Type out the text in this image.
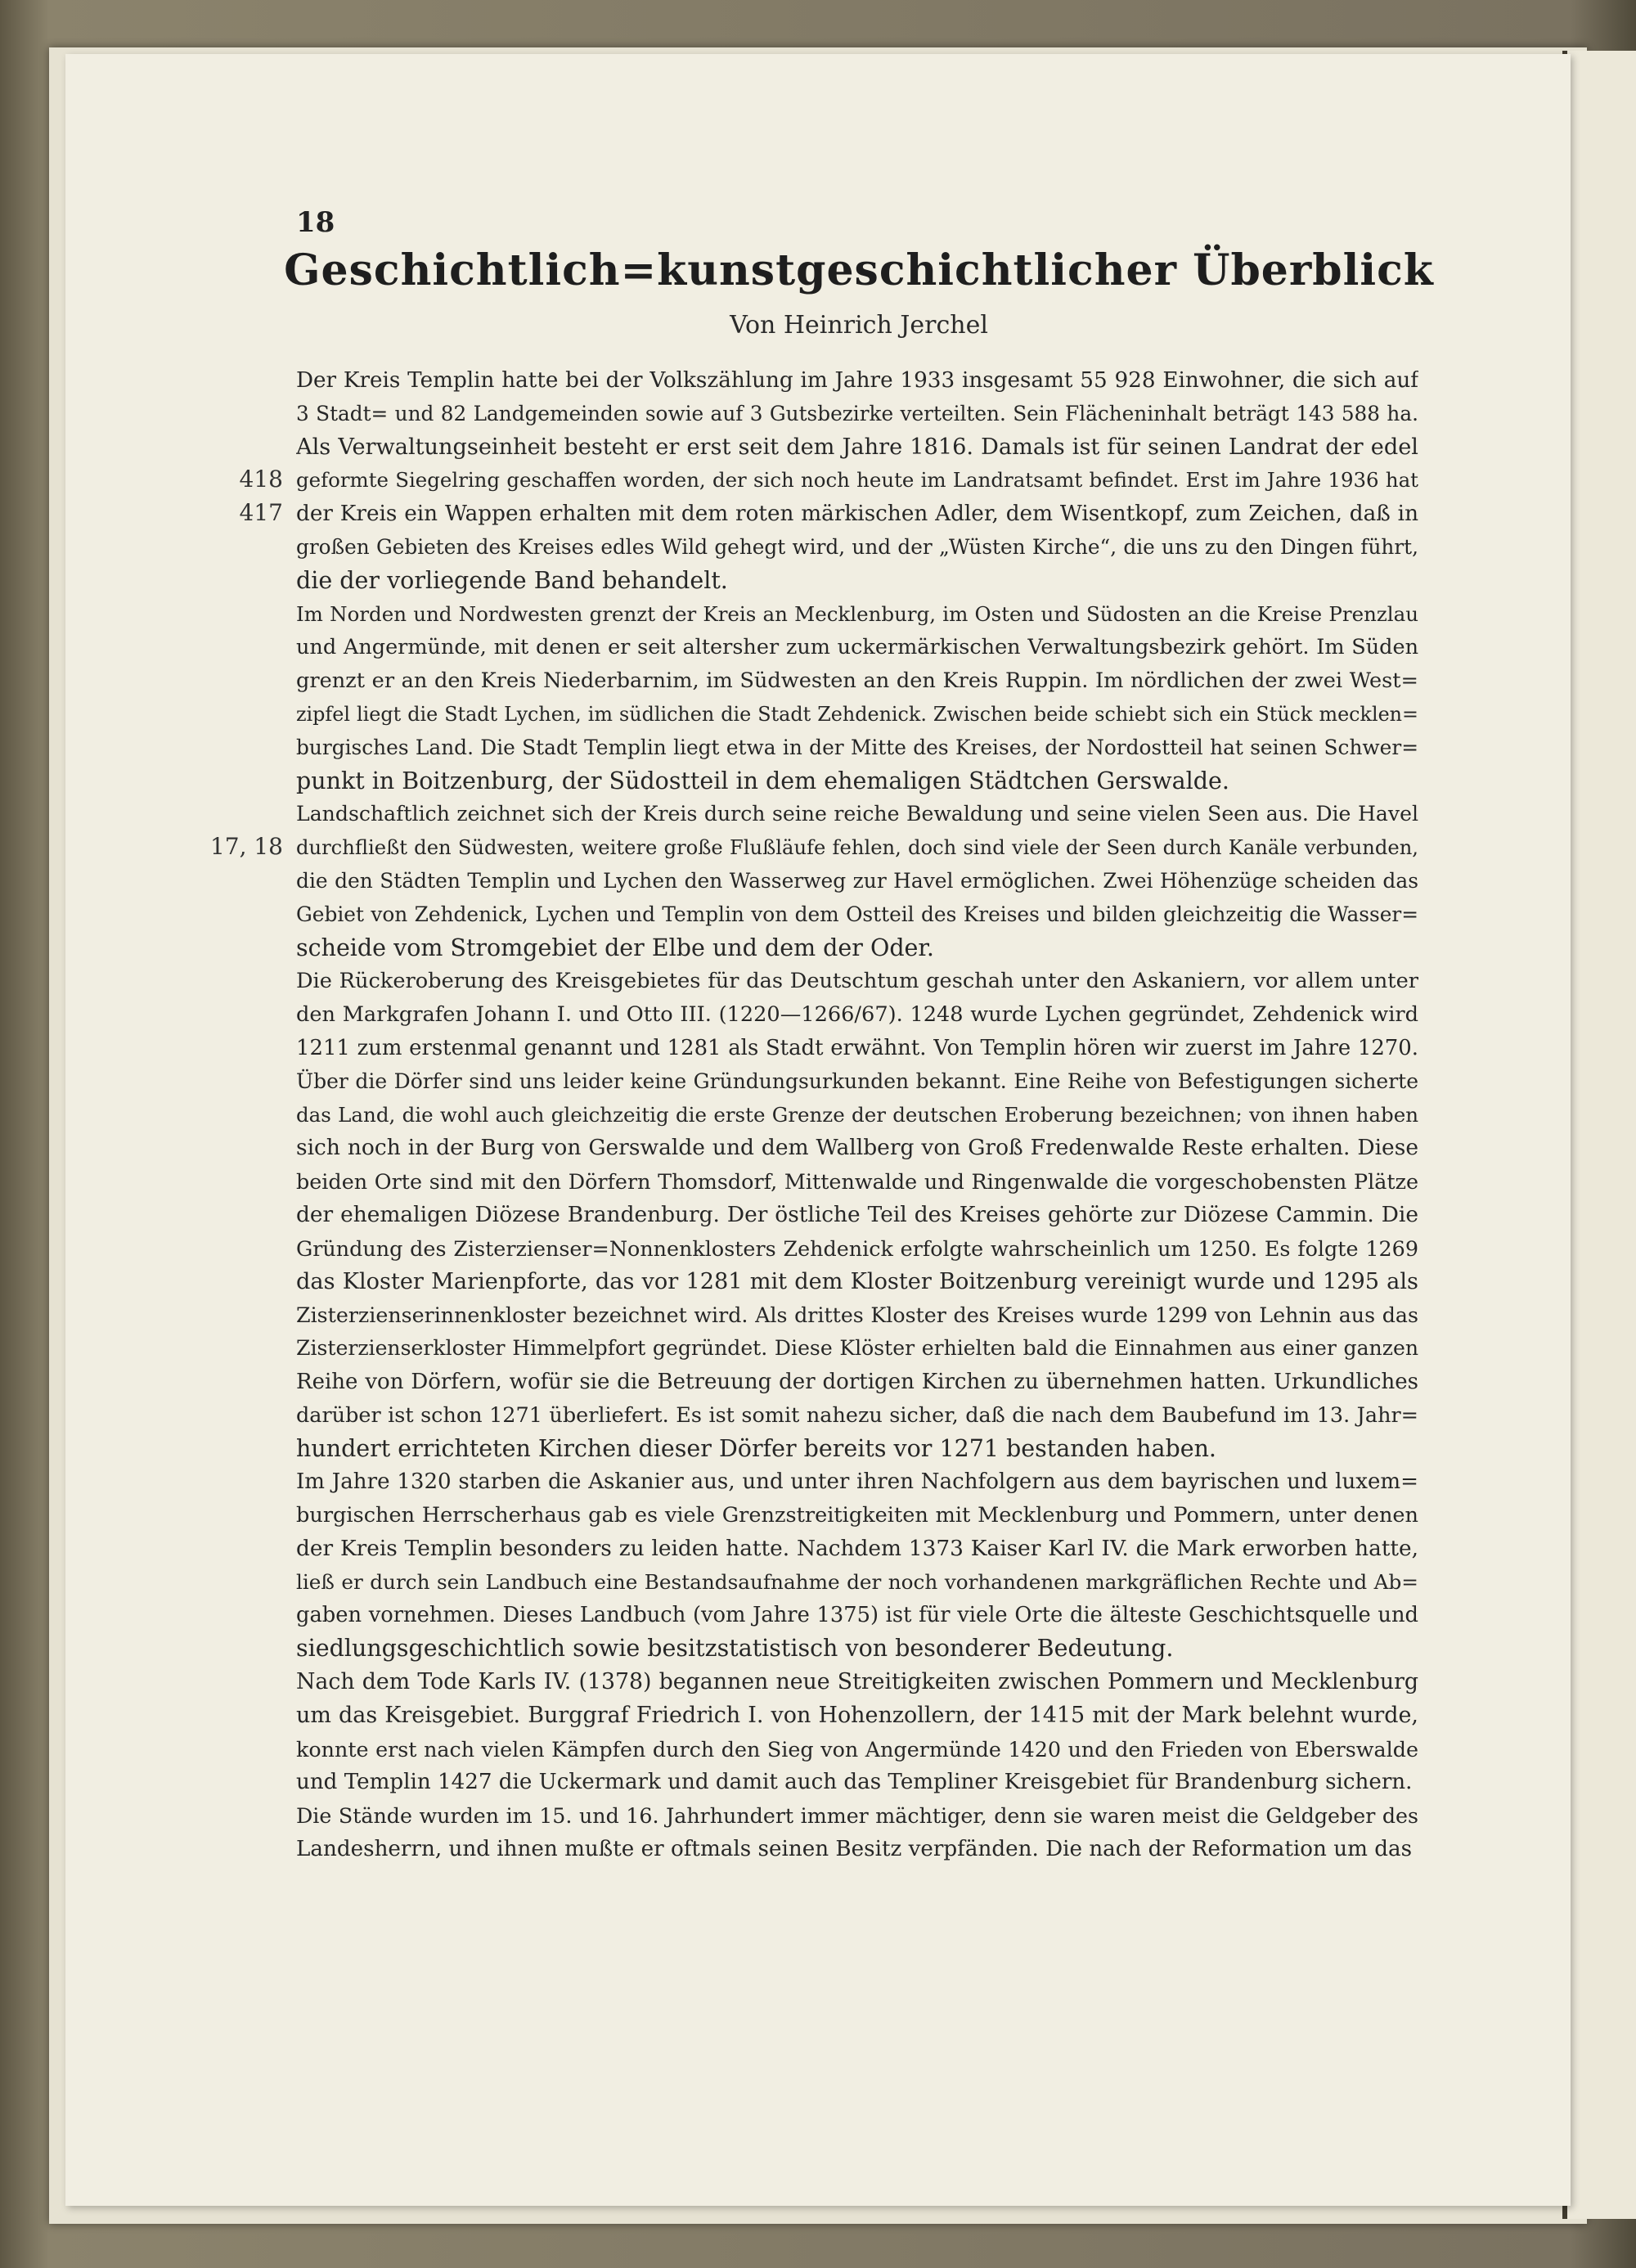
18
Geschichtlich=kunstgeschichtlicher Überblick
Von Heinrich Jerchel
Der Kreis Templin hatte bei der Volkszählung im Jahre 1933 insgesamt 55 928 Einwohner, die sich auf
3 Stadt= und 82 Landgemeinden sowie auf 3 Gutsbezirke verteilten. Sein Flächeninhalt beträgt 143 588 ha.
Als Verwaltungseinheit besteht er erst seit dem Jahre 1816. Damals ist für seinen Landrat der edel
geformte Siegelring geschaffen worden, der sich noch heute im Landratsamt befindet. Erst im Jahre 1936 hat
der Kreis ein Wappen erhalten mit dem roten märkischen Adler, dem Wisentkopf, zum Zeichen, daß in
großen Gebieten des Kreises edles Wild gehegt wird, und der „Wüsten Kirche“, die uns zu den Dingen führt,
die der vorliegende Band behandelt.
Im Norden und Nordwesten grenzt der Kreis an Mecklenburg, im Osten und Südosten an die Kreise Prenzlau
und Angermünde, mit denen er seit altersher zum uckermärkischen Verwaltungsbezirk gehört. Im Süden
grenzt er an den Kreis Niederbarnim, im Südwesten an den Kreis Ruppin. Im nördlichen der zwei West=
zipfel liegt die Stadt Lychen, im südlichen die Stadt Zehdenick. Zwischen beide schiebt sich ein Stück mecklen=
burgisches Land. Die Stadt Templin liegt etwa in der Mitte des Kreises, der Nordostteil hat seinen Schwer=
punkt in Boitzenburg, der Südostteil in dem ehemaligen Städtchen Gerswalde.
Landschaftlich zeichnet sich der Kreis durch seine reiche Bewaldung und seine vielen Seen aus. Die Havel
durchfließt den Südwesten, weitere große Flußläufe fehlen, doch sind viele der Seen durch Kanäle verbunden,
die den Städten Templin und Lychen den Wasserweg zur Havel ermöglichen. Zwei Höhenzüge scheiden das
Gebiet von Zehdenick, Lychen und Templin von dem Ostteil des Kreises und bilden gleichzeitig die Wasser=
scheide vom Stromgebiet der Elbe und dem der Oder.
Die Rückeroberung des Kreisgebietes für das Deutschtum geschah unter den Askaniern, vor allem unter
den Markgrafen Johann I. und Otto III. (1220—1266/67). 1248 wurde Lychen gegründet, Zehdenick wird
1211 zum erstenmal genannt und 1281 als Stadt erwähnt. Von Templin hören wir zuerst im Jahre 1270.
Über die Dörfer sind uns leider keine Gründungsurkunden bekannt. Eine Reihe von Befestigungen sicherte
das Land, die wohl auch gleichzeitig die erste Grenze der deutschen Eroberung bezeichnen; von ihnen haben
sich noch in der Burg von Gerswalde und dem Wallberg von Groß Fredenwalde Reste erhalten. Diese
beiden Orte sind mit den Dörfern Thomsdorf, Mittenwalde und Ringenwalde die vorgeschobensten Plätze
der ehemaligen Diözese Brandenburg. Der östliche Teil des Kreises gehörte zur Diözese Cammin. Die
Gründung des Zisterzienser=Nonnenklosters Zehdenick erfolgte wahrscheinlich um 1250. Es folgte 1269
das Kloster Marienpforte, das vor 1281 mit dem Kloster Boitzenburg vereinigt wurde und 1295 als
Zisterzienserinnenkloster bezeichnet wird. Als drittes Kloster des Kreises wurde 1299 von Lehnin aus das
Zisterzienserkloster Himmelpfort gegründet. Diese Klöster erhielten bald die Einnahmen aus einer ganzen
Reihe von Dörfern, wofür sie die Betreuung der dortigen Kirchen zu übernehmen hatten. Urkundliches
darüber ist schon 1271 überliefert. Es ist somit nahezu sicher, daß die nach dem Baubefund im 13. Jahr=
hundert errichteten Kirchen dieser Dörfer bereits vor 1271 bestanden haben.
Im Jahre 1320 starben die Askanier aus, und unter ihren Nachfolgern aus dem bayrischen und luxem=
burgischen Herrscherhaus gab es viele Grenzstreitigkeiten mit Mecklenburg und Pommern, unter denen
der Kreis Templin besonders zu leiden hatte. Nachdem 1373 Kaiser Karl IV. die Mark erworben hatte,
ließ er durch sein Landbuch eine Bestandsaufnahme der noch vorhandenen markgräflichen Rechte und Ab=
gaben vornehmen. Dieses Landbuch (vom Jahre 1375) ist für viele Orte die älteste Geschichtsquelle und
siedlungsgeschichtlich sowie besitzstatistisch von besonderer Bedeutung.
Nach dem Tode Karls IV. (1378) begannen neue Streitigkeiten zwischen Pommern und Mecklenburg
um das Kreisgebiet. Burggraf Friedrich I. von Hohenzollern, der 1415 mit der Mark belehnt wurde,
konnte erst nach vielen Kämpfen durch den Sieg von Angermünde 1420 und den Frieden von Eberswalde
und Templin 1427 die Uckermark und damit auch das Templiner Kreisgebiet für Brandenburg sichern.
Die Stände wurden im 15. und 16. Jahrhundert immer mächtiger, denn sie waren meist die Geldgeber des
Landesherrn, und ihnen mußte er oftmals seinen Besitz verpfänden. Die nach der Reformation um das
418
417
17, 18
